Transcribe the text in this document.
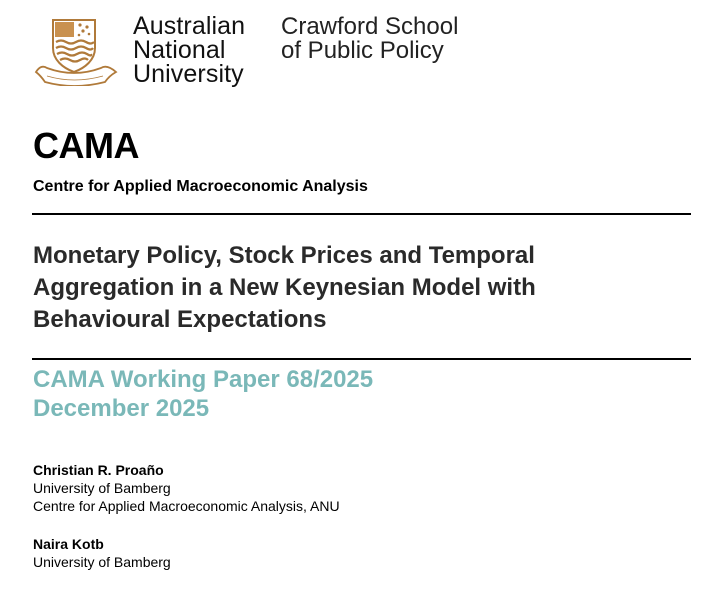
Australian
National
University
Crawford School
of Public Policy
CAMA
Centre for Applied Macroeconomic Analysis
Monetary Policy, Stock Prices and Temporal
Aggregation in a New Keynesian Model with
Behavioural Expectations
CAMA Working Paper 68/2025
December 2025
Christian R. Proaño
University of Bamberg
Centre for Applied Macroeconomic Analysis, ANU
Naira Kotb
University of Bamberg
